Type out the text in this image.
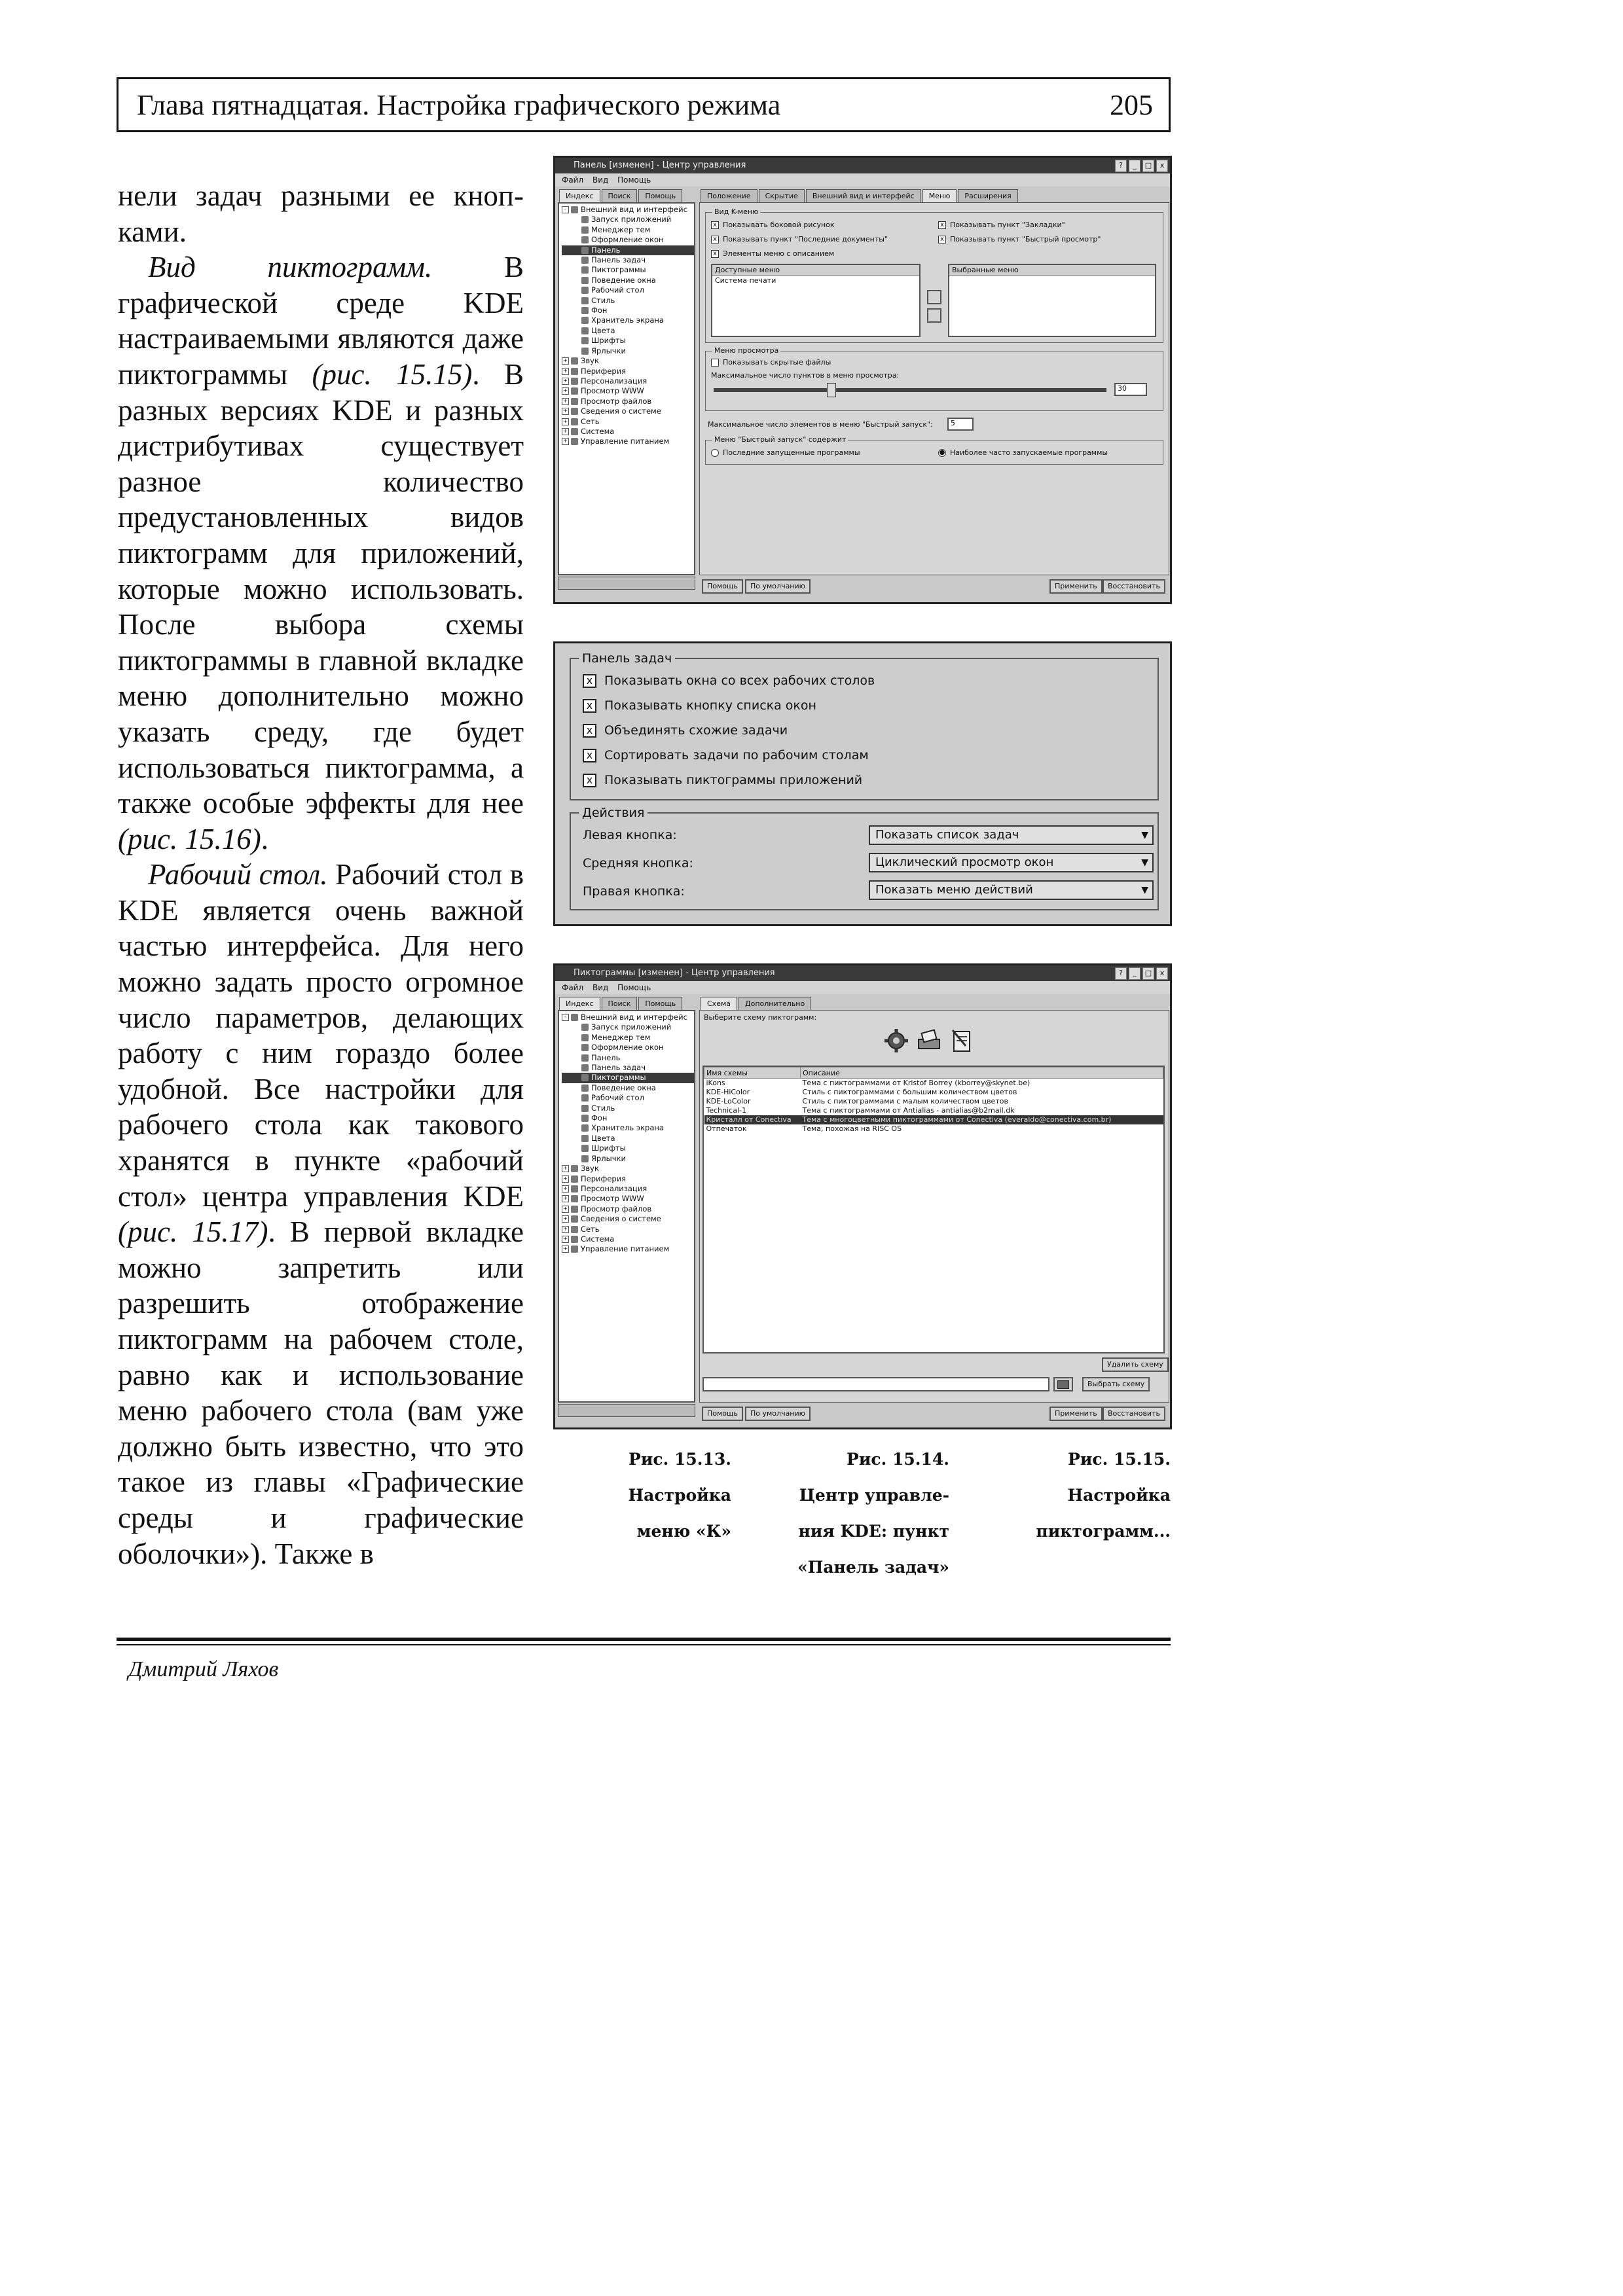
Глава пятнадцатая. Настройка графического режима	205

нели задач разными ее кноп-ками.

Вид пиктограмм. В графической среде KDE настраиваемыми являются даже пиктограммы (рис. 15.15). В разных версиях KDE и разных дистрибутивах существует разное количество предустановленных видов пиктограмм для приложений, которые можно использовать. После выбора схемы пиктограммы в главной вкладке меню дополнительно можно указать среду, где будет использоваться пиктограмма, а также особые эффекты для нее (рис. 15.16).

Рабочий стол. Рабочий стол в KDE является очень важной частью интерфейса. Для него можно задать просто огромное число параметров, делающих работу с ним гораздо более удобной. Все настройки для рабочего стола как такового хранятся в пункте «рабочий стол» центра управления KDE (рис. 15.17). В первой вкладке можно запретить или разрешить отображение пиктограмм на рабочем столе, равно как и использование меню рабочего стола (вам уже должно быть известно, что это такое из главы «Графические среды и графические оболочки»). Также в

Панель [изменен] - Центр управления	?	_	□	x
Файл Вид Помощь
Индекс	Поиск	Помощь
- Внешний вид и интерфейс
Запуск приложений
Менеджер тем
Оформление окон
Панель
Панель задач
Пиктограммы
Поведение окна
Рабочий стол
Стиль
Фон
Хранитель экрана
Цвета
Шрифты
Ярлычки
+ Звук
+ Периферия
+ Персонализация
+ Просмотр WWW
+ Просмотр файлов
+ Сведения о системе
+ Сеть
+ Система
+ Управление питанием
Положение	Скрытие	Внешний вид и интерфейс	Меню	Расширения
Вид K-меню
x Показывать боковой рисунок
x Показывать пункт "Последние документы"
x Элементы меню с описанием
x Показывать пункт "Закладки"
x Показывать пункт "Быстрый просмотр"
Доступные меню
Система печати
Выбранные меню
Меню просмотра
Показывать скрытые файлы
Максимальное число пунктов в меню просмотра:
30
Максимальное число элементов в меню "Быстрый запуск":	5
Меню "Быстрый запуск" содержит
Последние запущенные программы	● Наиболее часто запускаемые программы
Помощь	По умолчанию	Применить	Восстановить
Панель задач
x Показывать окна со всех рабочих столов
x Показывать кнопку списка окон
x Объединять схожие задачи
x Сортировать задачи по рабочим столам
x Показывать пиктограммы приложений
Действия
Левая кнопка:	Показать список задач	▼
Средняя кнопка:	Циклический просмотр окон	▼
Правая кнопка:	Показать меню действий	▼
Пиктограммы [изменен] - Центр управления	?	_	□	x
Файл Вид Помощь
Индекс	Поиск	Помощь
- Внешний вид и интерфейс
Запуск приложений
Менеджер тем
Оформление окон
Панель
Панель задач
Пиктограммы
Поведение окна
Рабочий стол
Стиль
Фон
Хранитель экрана
Цвета
Шрифты
Ярлычки
+ Звук
+ Периферия
+ Персонализация
+ Просмотр WWW
+ Просмотр файлов
+ Сведения о системе
+ Сеть
+ Система
+ Управление питанием
Схема	Дополнительно
Выберите схему пиктограмм:
Имя схемы	Описание
iKons	Тема с пиктограммами от Kristof Borrey (kborrey@skynet.be)
KDE-HiColor	Стиль с пиктограммами с большим количеством цветов
KDE-LoColor	Стиль с пиктограммами с малым количеством цветов
Technical-1	Тема с пиктограммами от Antialias - antialias@b2mail.dk
Кристалл от Conectiva	Тема с многоцветными пиктограммами от Conectiva (everaldo@conectiva.com.br)
Отпечаток	Тема, похожая на RISC OS
Удалить схему
Выбрать схему
Помощь	По умолчанию	Применить	Восстановить
Рис. 15.13.
Настройка
меню «К»
Рис. 15.14.
Центр управле-
ния KDE: пункт
«Панель задач»
Рис. 15.15.
Настройка
пиктограмм...
Дмитрий Ляхов
